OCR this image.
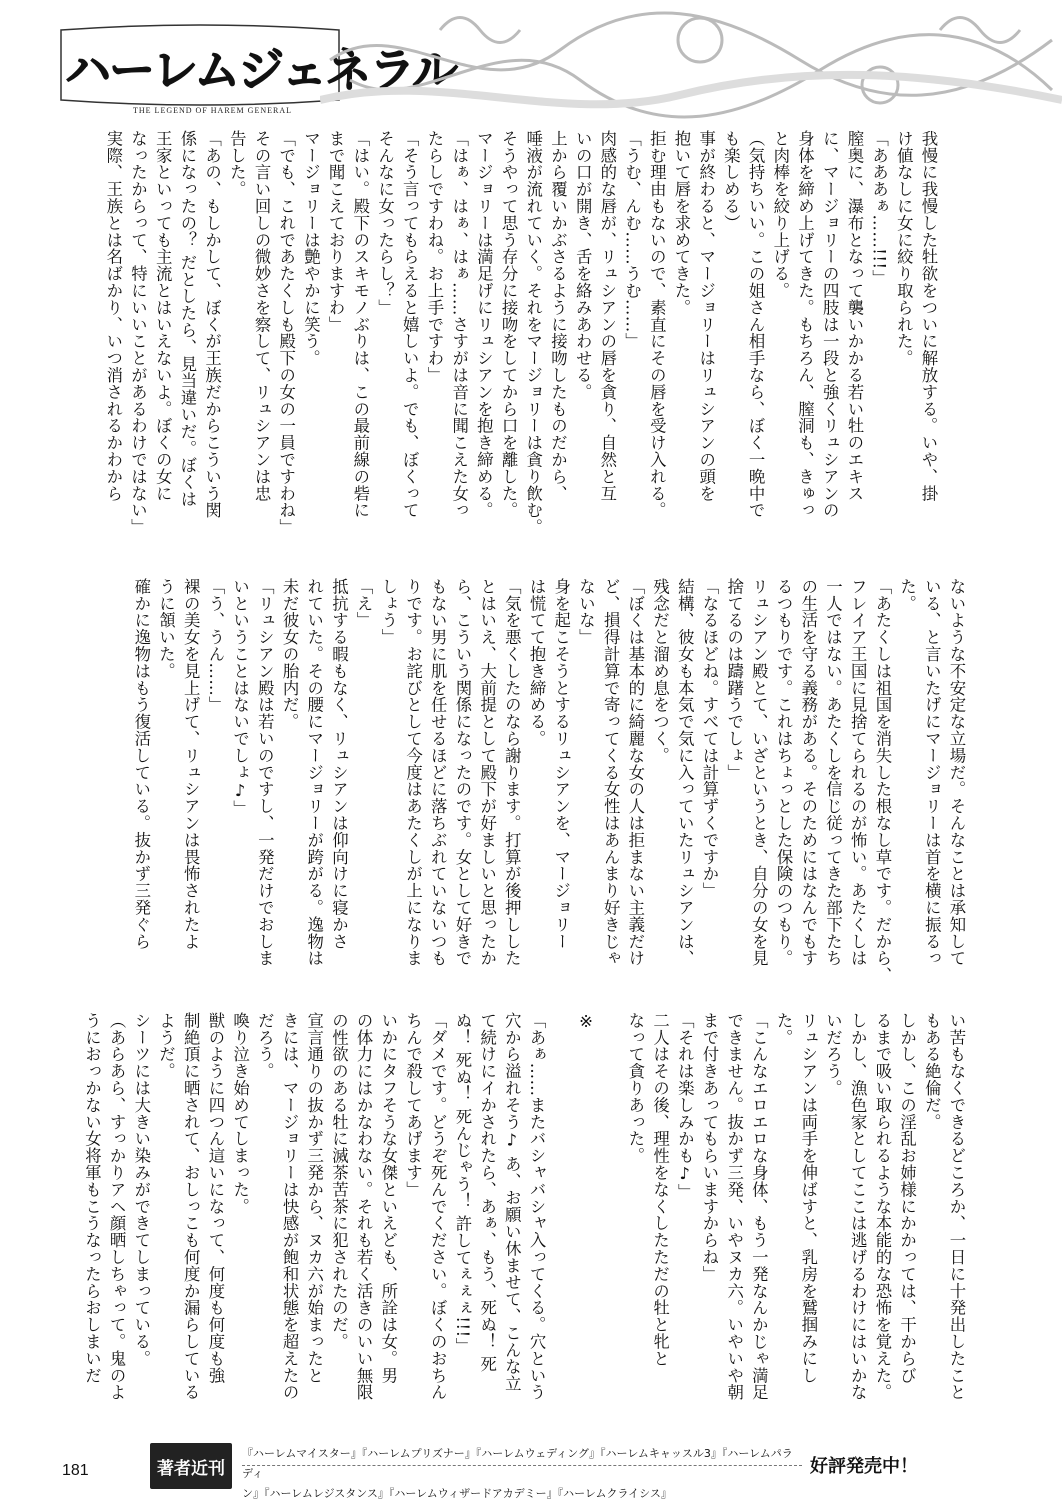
ハーレムジェネラル
THE LEGEND OF HAREM GENERAL
我慢に我慢した牡欲をついに解放する。いや、掛
け値なしに女に絞り取られた。
「あああぁ……!!!」
膣奥に、瀑布となって襲いかかる若い牡のエキス
に、マージョリーの四肢は一段と強くリュシアンの
身体を締め上げてきた。もちろん、膣洞も、きゅっ
と肉棒を絞り上げる。
（気持ちいい。この姐さん相手なら、ぼく一晩中で
も楽しめる）
事が終わると、マージョリーはリュシアンの頭を
抱いて唇を求めてきた。
拒む理由もないので、素直にその唇を受け入れる。
「うむ、んむ……うむ……」
肉感的な唇が、リュシアンの唇を貪り、自然と互
いの口が開き、舌を絡みあわせる。
上から覆いかぶさるように接吻したものだから、
唾液が流れていく。それをマージョリーは貪り飲む。
そうやって思う存分に接吻をしてから口を離した。
マージョリーは満足げにリュシアンを抱き締める。
「はぁ、はぁ、はぁ……さすがは音に聞こえた女っ
たらしですわね。お上手ですわ」
「そう言ってもらえると嬉しいよ。でも、ぼくって
そんなに女ったらし？」
「はい。殿下のスキモノぶりは、この最前線の砦に
まで聞こえておりますわ」
マージョリーは艶やかに笑う。
「でも、これであたくしも殿下の女の一員ですわね」
その言い回しの微妙さを察して、リュシアンは忠
告した。
「あの、もしかして、ぼくが王族だからこういう関
係になったの？ だとしたら、見当違いだ。ぼくは
王家といっても主流とはいえないよ。ぼくの女に
なったからって、特にいいことがあるわけではない」
実際、王族とは名ばかり、いつ消されるかわから
ないような不安定な立場だ。そんなことは承知して
いる、と言いたげにマージョリーは首を横に振るっ
た。
「あたくしは祖国を消失した根なし草です。だから、
フレイア王国に見捨てられるのが怖い。あたくしは
一人ではない。あたくしを信じ従ってきた部下たち
の生活を守る義務がある。そのためにはなんでもす
るつもりです。これはちょっとした保険のつもり。
リュシアン殿とて、いざというとき、自分の女を見
捨てるのは躊躇うでしょ」
「なるほどね。すべては計算ずくですか」
結構、彼女も本気で気に入っていたリュシアンは、
残念だと溜め息をつく。
「ぼくは基本的に綺麗な女の人は拒まない主義だけ
ど、損得計算で寄ってくる女性はあんまり好きじゃ
ないな」
身を起こそうとするリュシアンを、マージョリー
は慌てて抱き締める。
「気を悪くしたのなら謝ります。打算が後押しした
とはいえ、大前提として殿下が好ましいと思ったか
ら、こういう関係になったのです。女として好きで
もない男に肌を任せるほどに落ちぶれていないつも
りです。お詫びとして今度はあたくしが上になりま
しょう」
「え」
抵抗する暇もなく、リュシアンは仰向けに寝かさ
れていた。その腰にマージョリーが跨がる。逸物は
未だ彼女の胎内だ。
「リュシアン殿は若いのですし、一発だけでおしま
いということはないでしょ♪」
「う、うん……」
裸の美女を見上げて、リュシアンは畏怖されたよ
うに頷いた。
確かに逸物はもう復活している。抜かず三発ぐら
い苦もなくできるどころか、一日に十発出したこと
もある絶倫だ。
しかし、この淫乱お姉様にかかっては、干からび
るまで吸い取られるような本能的な恐怖を覚えた。
しかし、漁色家としてここは逃げるわけにはいかな
いだろう。
リュシアンは両手を伸ばすと、乳房を鷲掴みにし
た。
「こんなエロエロな身体、もう一発なんかじゃ満足
できません。抜かず三発、いやヌカ六。いやいや朝
まで付きあってもらいますからね」
「それは楽しみかも♪」
二人はその後、理性をなくしたただの牡と牝と
なって貪りあった。

※

「あぁ……またバシャバシャ入ってくる。穴という
穴から溢れそう♪ あ、お願い休ませて、こんな立
て続けにイかされたら、あぁ、もう、死ぬ！ 死
ぬ！ 死ぬ！ 死んじゃう！ 許してぇぇぇ!!!」
「ダメです。どうぞ死んでください。ぼくのおちん
ちんで殺してあげます」
いかにタフそうな女傑といえども、所詮は女。男
の体力にはかなわない。それも若く活きのいい無限
の性欲のある牡に滅茶苦茶に犯されたのだ。
宣言通りの抜かず三発から、ヌカ六が始まったと
きには、マージョリーは快感が飽和状態を超えたの
だろう。
喚り泣き始めてしまった。
獣のように四つん這いになって、何度も何度も強
制絶頂に晒されて、おしっこも何度か漏らしている
ようだ。
シーツには大きい染みができてしまっている。
（あらあら、すっかりアヘ顔晒しちゃって。鬼のよ
うにおっかない女将軍もこうなったらおしまいだ
181	著者近刊
『ハーレムマイスター』『ハーレムプリズナー』『ハーレムウェディング』『ハーレムキャッスル3』『ハーレムパラディ
ン』『ハーレムレジスタンス』『ハーレムウィザードアカデミー』『ハーレムクライシス』
好評発売中！
